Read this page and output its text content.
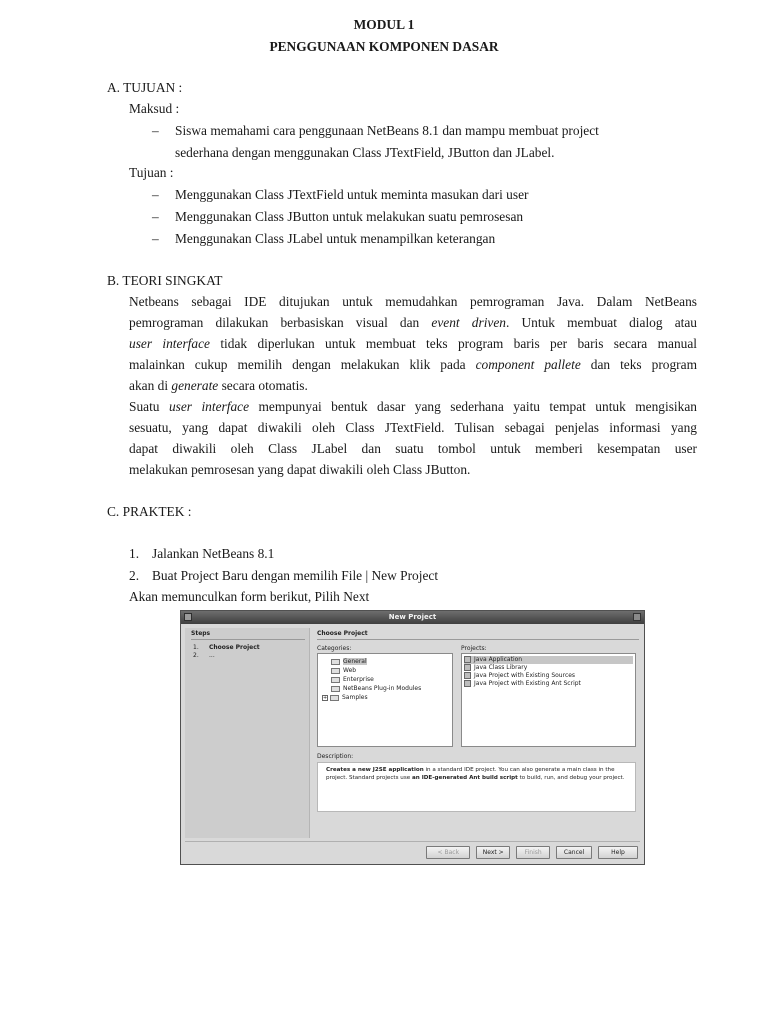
MODUL 1
PENGGUNAAN KOMPONEN DASAR
A. TUJUAN :
Maksud :
– Siswa memahami cara penggunaan NetBeans 8.1 dan mampu membuat project
sederhana dengan menggunakan Class JTextField, JButton dan JLabel.
Tujuan :
– Menggunakan Class JTextField untuk meminta masukan dari user
– Menggunakan Class JButton untuk melakukan suatu pemrosesan
– Menggunakan Class JLabel untuk menampilkan keterangan
B. TEORI SINGKAT
Netbeans sebagai IDE ditujukan untuk memudahkan pemrograman Java. Dalam NetBeans
pemrograman dilakukan berbasiskan visual dan event driven. Untuk membuat dialog atau
user interface tidak diperlukan untuk membuat teks program baris per baris secara manual
malainkan cukup memilih dengan melakukan klik pada component pallete dan teks program
akan di generate secara otomatis.
Suatu user interface mempunyai bentuk dasar yang sederhana yaitu tempat untuk mengisikan
sesuatu, yang dapat diwakili oleh Class JTextField. Tulisan sebagai penjelas informasi yang
dapat diwakili oleh Class JLabel dan suatu tombol untuk memberi kesempatan user
melakukan pemrosesan yang dapat diwakili oleh Class JButton.
C. PRAKTEK :
1. Jalankan NetBeans 8.1
2. Buat Project Baru dengan memilih File | New Project
Akan memunculkan form berikut, Pilih Next
New Project
Steps
1. Choose Project
2. ...
Choose Project
Categories:	Projects:
General
Web
Enterprise
NetBeans Plug-in Modules
+ Samples
Java Application
Java Class Library
Java Project with Existing Sources
Java Project with Existing Ant Script
Description:
Creates a new J2SE application in a standard IDE project. You can also generate a main class in the project. Standard projects use an IDE-generated Ant build script to build, run, and debug your project.
< Back	Next >	Finish	Cancel	Help
